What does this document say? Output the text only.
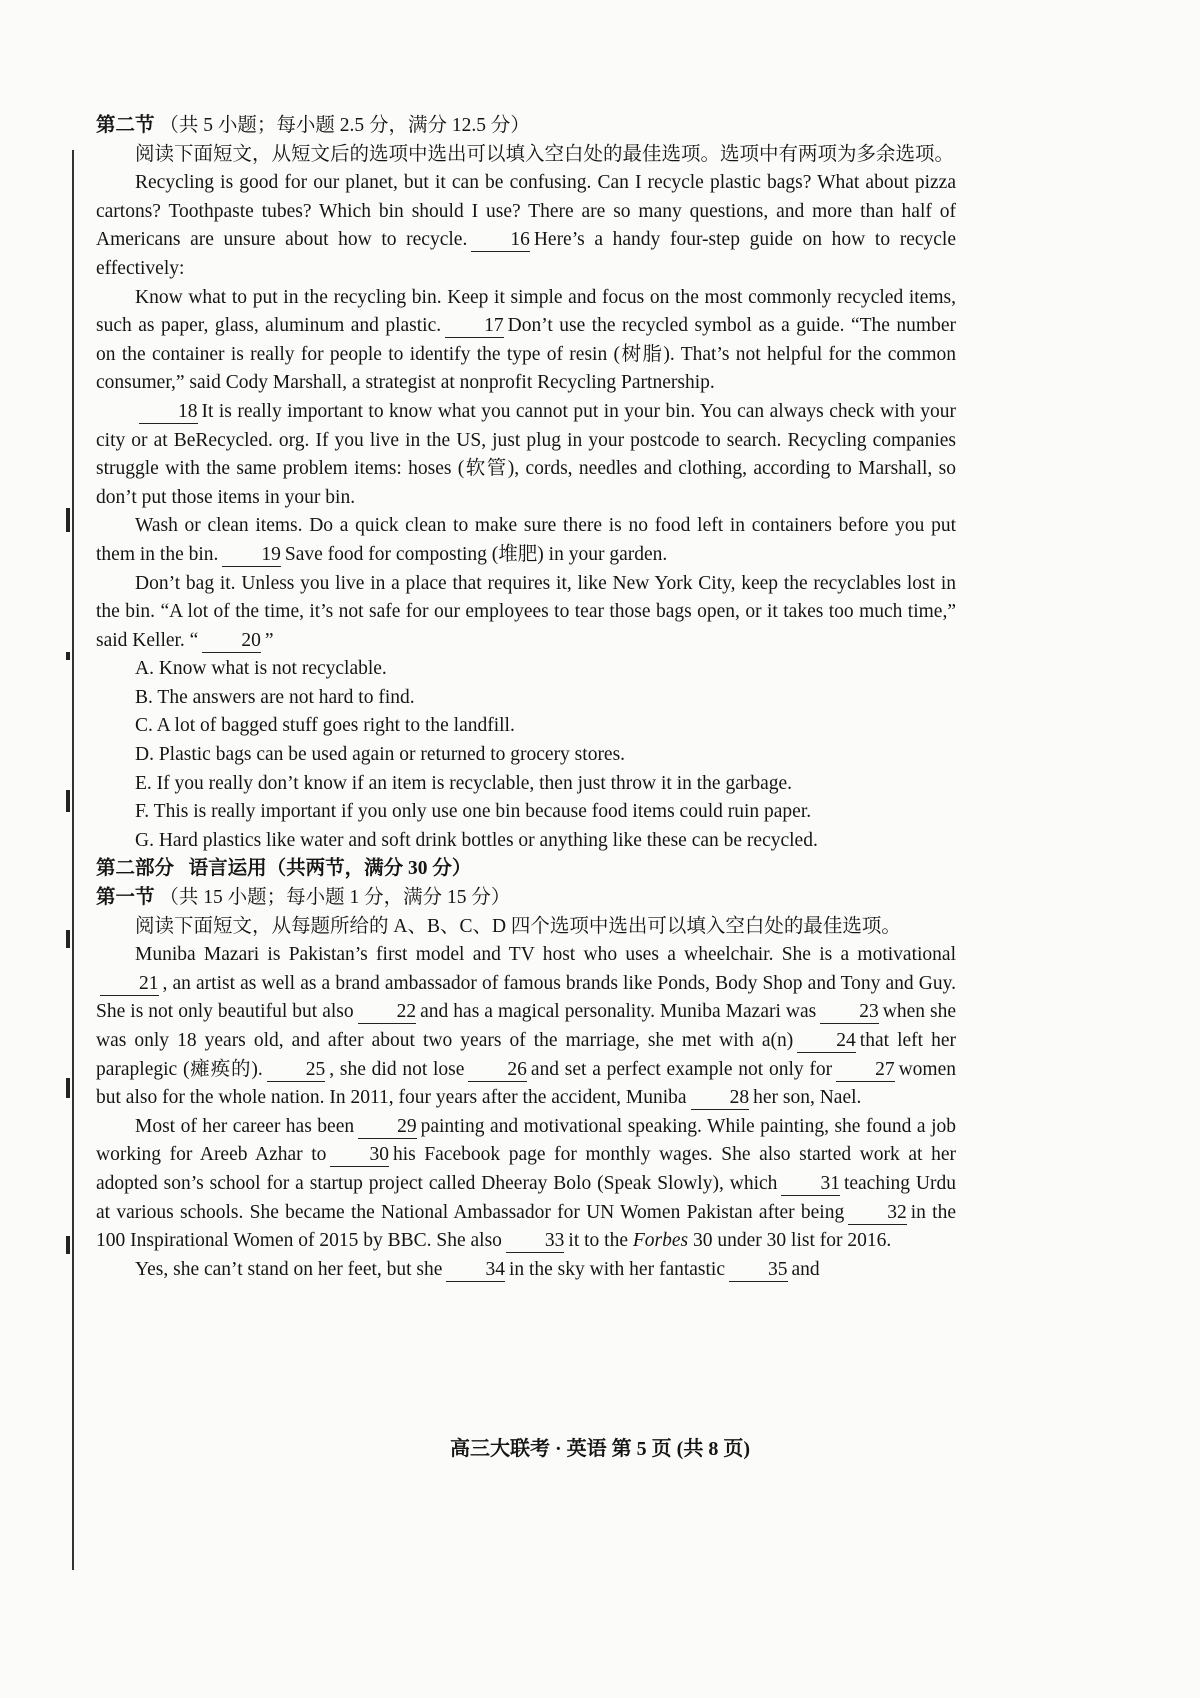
第二节 （共 5 小题；每小题 2.5 分，满分 12.5 分）

阅读下面短文，从短文后的选项中选出可以填入空白处的最佳选项。选项中有两项为多余选项。

Recycling is good for our planet, but it can be confusing. Can I recycle plastic bags? What about pizza cartons? Toothpaste tubes? Which bin should I use? There are so many questions, and more than half of Americans are unsure about how to recycle. 16 Here’s a handy four-step guide on how to recycle effectively:

Know what to put in the recycling bin. Keep it simple and focus on the most commonly recycled items, such as paper, glass, aluminum and plastic. 17 Don’t use the recycled symbol as a guide. “The number on the container is really for people to identify the type of resin (树脂). That’s not helpful for the common consumer,” said Cody Marshall, a strategist at nonprofit Recycling Partnership.

18 It is really important to know what you cannot put in your bin. You can always check with your city or at BeRecycled. org. If you live in the US, just plug in your postcode to search. Recycling companies struggle with the same problem items: hoses (软管), cords, needles and clothing, according to Marshall, so don’t put those items in your bin.

Wash or clean items. Do a quick clean to make sure there is no food left in containers before you put them in the bin. 19 Save food for composting (堆肥) in your garden.

Don’t bag it. Unless you live in a place that requires it, like New York City, keep the recyclables lost in the bin. “A lot of the time, it’s not safe for our employees to tear those bags open, or it takes too much time,” said Keller. “ 20 ”

A. Know what is not recyclable.

B. The answers are not hard to find.

C. A lot of bagged stuff goes right to the landfill.

D. Plastic bags can be used again or returned to grocery stores.

E. If you really don’t know if an item is recyclable, then just throw it in the garbage.

F. This is really important if you only use one bin because food items could ruin paper.

G. Hard plastics like water and soft drink bottles or anything like these can be recycled.

第二部分 语言运用（共两节，满分 30 分）
第一节 （共 15 小题；每小题 1 分，满分 15 分）

阅读下面短文，从每题所给的 A、B、C、D 四个选项中选出可以填入空白处的最佳选项。

Muniba Mazari is Pakistan’s first model and TV host who uses a wheelchair. She is a motivational21 , an artist as well as a brand ambassador of famous brands like Ponds, Body Shop and Tony and Guy. She is not only beautiful but also 22 and has a magical personality. Muniba Mazari was 23 when she was only 18 years old, and after about two years of the marriage, she met with a(n) 24 that left her paraplegic (瘫痪的). 25 , she did not lose 26 and set a perfect example not only for 27 women but also for the whole nation. In 2011, four years after the accident, Muniba 28 her son, Nael.

Most of her career has been 29 painting and motivational speaking. While painting, she found a job working for Areeb Azhar to 30 his Facebook page for monthly wages. She also started work at her adopted son’s school for a startup project called Dheeray Bolo (Speak Slowly), which 31 teaching Urdu at various schools. She became the National Ambassador for UN Women Pakistan after being 32 in the 100 Inspirational Women of 2015 by BBC. She also 33 it to the Forbes 30 under 30 list for 2016.

Yes, she can’t stand on her feet, but she 34 in the sky with her fantastic 35 and

高三大联考 · 英语 第 5 页 (共 8 页)
